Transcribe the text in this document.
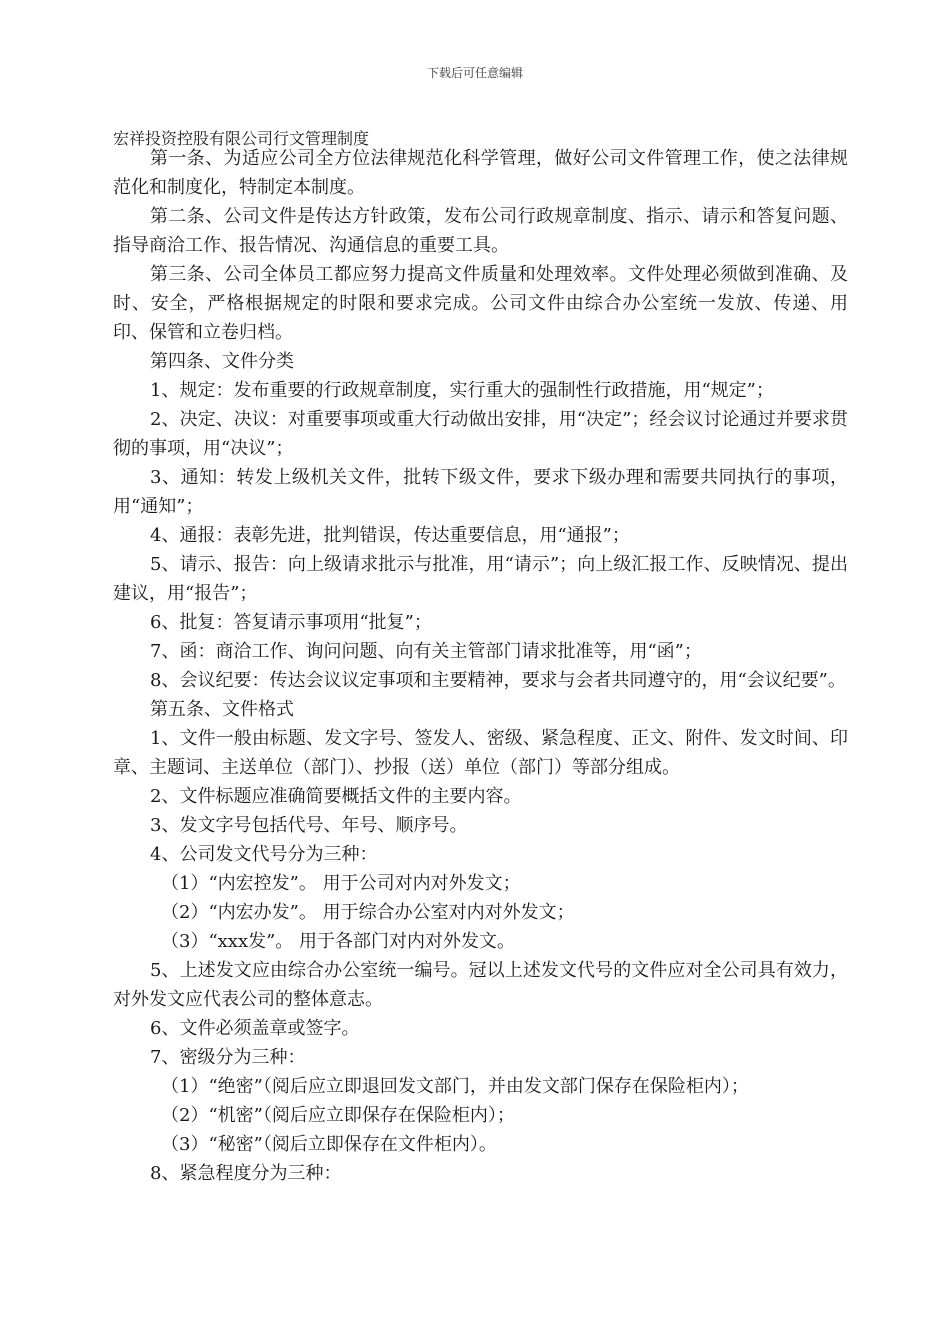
下载后可任意编辑
宏祥投资控股有限公司行文管理制度

第一条、为适应公司全方位法律规范化科学管理，做好公司文件管理工作，使之法律规范化和制度化，特制定本制度。

第二条、公司文件是传达方针政策，发布公司行政规章制度、指示、请示和答复问题、指导商洽工作、报告情况、沟通信息的重要工具。

第三条、公司全体员工都应努力提高文件质量和处理效率。文件处理必须做到准确、及时、安全，严格根据规定的时限和要求完成。公司文件由综合办公室统一发放、传递、用印、保管和立卷归档。

第四条、文件分类

1、规定：发布重要的行政规章制度，实行重大的强制性行政措施，用“规定”；

2、决定、决议：对重要事项或重大行动做出安排，用“决定”；经会议讨论通过并要求贯彻的事项，用“决议”；

3、通知：转发上级机关文件，批转下级文件，要求下级办理和需要共同执行的事项，用“通知”；

4、通报：表彰先进，批判错误，传达重要信息，用“通报”；

5、请示、报告：向上级请求批示与批准，用“请示”；向上级汇报工作、反映情况、提出建议，用“报告”；

6、批复：答复请示事项用“批复”；

7、函：商洽工作、询问问题、向有关主管部门请求批准等，用“函”；

8、会议纪要：传达会议议定事项和主要精神，要求与会者共同遵守的，用“会议纪要”。

第五条、文件格式

1、文件一般由标题、发文字号、签发人、密级、紧急程度、正文、附件、发文时间、印章、主题词、主送单位（部门）、抄报（送）单位（部门）等部分组成。

2、文件标题应准确简要概括文件的主要内容。

3、发文字号包括代号、年号、顺序号。

4、公司发文代号分为三种：

（1）“内宏控发”。 用于公司对内对外发文；

（2）“内宏办发”。 用于综合办公室对内对外发文；

（3）“xxx发”。 用于各部门对内对外发文。

5、上述发文应由综合办公室统一编号。冠以上述发文代号的文件应对全公司具有效力，对外发文应代表公司的整体意志。

6、文件必须盖章或签字。

7、密级分为三种：

（1）“绝密”（阅后应立即退回发文部门，并由发文部门保存在保险柜内）；

（2）“机密”（阅后应立即保存在保险柜内）；

（3）“秘密”（阅后立即保存在文件柜内）。

8、紧急程度分为三种：
